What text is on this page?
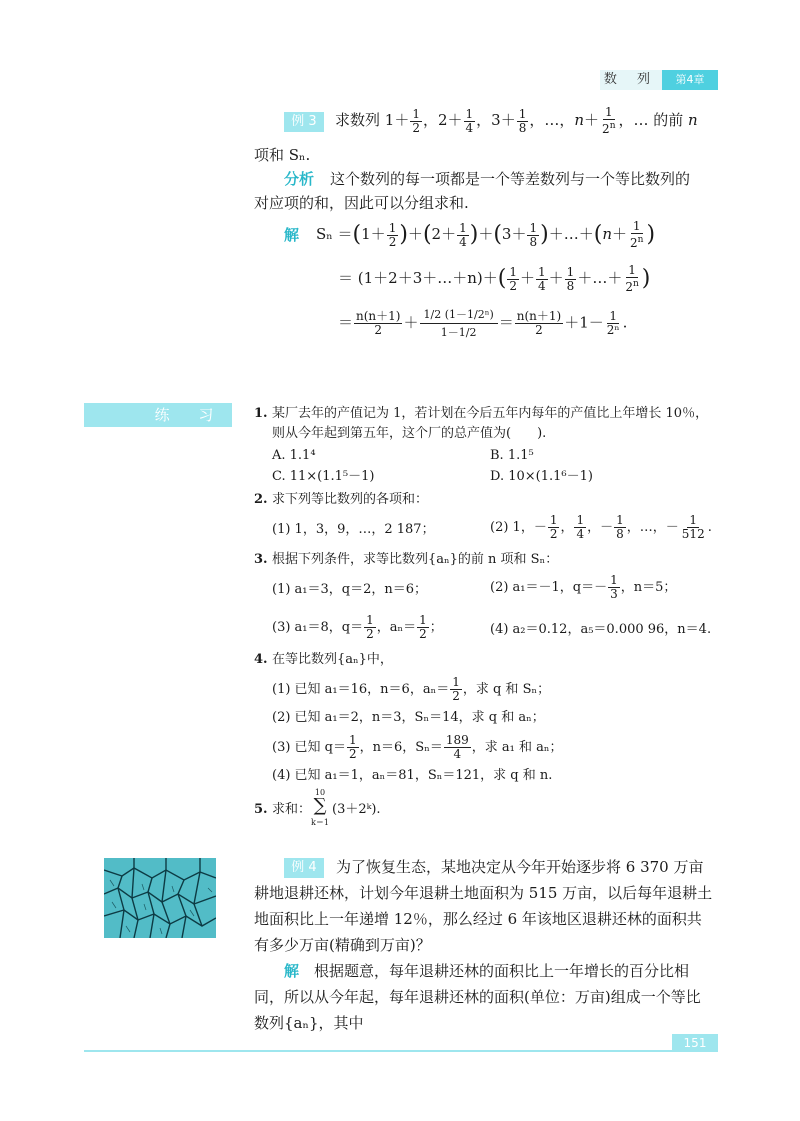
数 列	第4章
例 3	求数列 $1+ \frac{1}{2}$ ，$2+ \frac{1}{4}$ ，$3+ \frac{1}{8}$ ，…，$n+ \frac{1}{2^n}$ ，… 的前 n
项和 Sₙ.
分析 这个数列的每一项都是一个等差数列与一个等比数列的
对应项的和，因此可以分组求和.
解 $S_n =(1+ \frac{1}{2} )+(2+ \frac{1}{4} )+(3+ \frac{1}{8}$ )＋…＋(n＋ $\frac{1}{2^n}$ )
＝ (1＋2＋3＋…＋n)＋( $\frac{1}{2} + \frac{1}{4} + \frac{1}{8}$ ＋…＋ $\frac{1}{2^n}$ )
＝ $\frac{n(n+1)}{2} + \frac{\text{1/2 (1－1/2ⁿ)}}{1-1/2} = \frac{n(n+1)}{2} +1- \frac{1}{\text{2ⁿ}}$ .
练 习	1. 某厂去年的产值记为 1，若计划在今后五年内每年的产值比上年增长 10％，
则从今年起到第五年，这个厂的总产值为(　　).
A. 1.1⁴	B. 1.1⁵
C. 11×(1.1⁵－1)	D. 10×(1.1⁶－1)
2. 求下列等比数列的各项和：
(1) 1，3，9，…，2 187；	(2) 1，－ $\frac{1}{2}$ ， $\frac{1}{4}$ ，－ $\frac{1}{8}$ ，…，－ $\frac{1}{512}$ .
3. 根据下列条件，求等比数列{aₙ}的前 n 项和 Sₙ：
(1) a₁＝3，q＝2，n＝6；	(2) a₁＝－1，$q=- \frac{1}{3}$ ，n＝5；
(3) a₁＝8，$q= \frac{1}{2}$ ，$a_n= \frac{1}{2}$ ；	(4) a₂＝0.12，a₅＝0.000 96，n＝4.
4. 在等比数列{aₙ}中，
(1) 已知 a₁＝16，n＝6，$a_n= \frac{1}{2}$ ，求 q 和 Sₙ；
(2) 已知 a₁＝2，n＝3，Sₙ＝14，求 q 和 aₙ；
(3) 已知 $q= \frac{1}{2}$ ，n＝6，$S_n= \frac{189}{4}$ ，求 a₁ 和 aₙ；
(4) 已知 a₁＝1，aₙ＝81，Sₙ＝121，求 q 和 n.
5. 求和：
10
∑
k＝1
(3＋2ᵏ).
例 4	为了恢复生态，某地决定从今年开始逐步将 6 370 万亩
耕地退耕还林，计划今年退耕土地面积为 515 万亩，以后每年退耕土
地面积比上一年递增 12％，那么经过 6 年该地区退耕还林的面积共
有多少万亩(精确到万亩)？
解 根据题意，每年退耕还林的面积比上一年增长的百分比相
同，所以从今年起，每年退耕还林的面积(单位：万亩)组成一个等比
数列{aₙ}，其中
151
